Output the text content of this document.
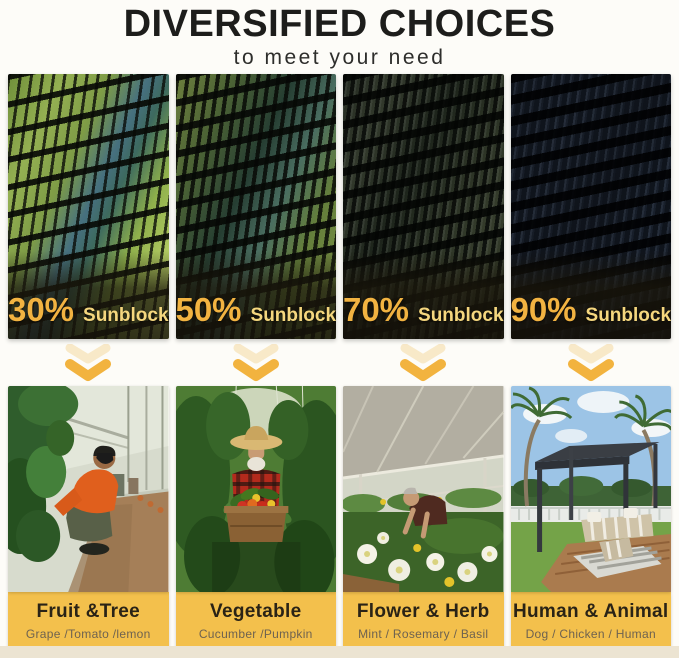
DIVERSIFIED CHOICES

to meet your need

30% Sunblock 50% Sunblock 70% Sunblock 90% Sunblock
Fruit &Tree
Grape /Tomato /lemon
Vegetable
Cucumber /Pumpkin
Flower & Herb
Mint / Rosemary / Basil
Human & Animal
Dog / Chicken / Human
